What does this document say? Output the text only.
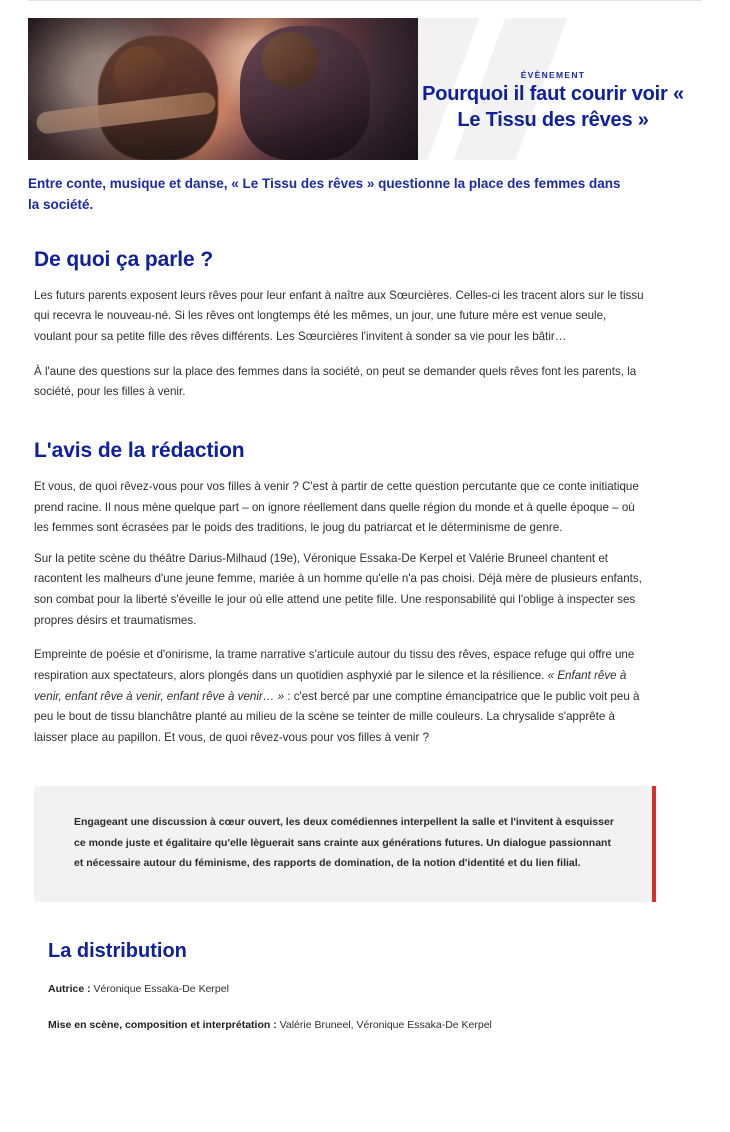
ÉVÈNEMENT
Pourquoi il faut courir voir « Le Tissu des rêves »

Entre conte, musique et danse, « Le Tissu des rêves » questionne la place des femmes dans la société.

De quoi ça parle ?

Les futurs parents exposent leurs rêves pour leur enfant à naître aux Sœurcières. Celles-ci les tracent alors sur le tissu qui recevra le nouveau-né. Si les rêves ont longtemps été les mêmes, un jour, une future mère est venue seule, voulant pour sa petite fille des rêves différents. Les Sœurcières l'invitent à sonder sa vie pour les bâtir…

À l'aune des questions sur la place des femmes dans la société, on peut se demander quels rêves font les parents, la société, pour les filles à venir.

L'avis de la rédaction

Et vous, de quoi rêvez-vous pour vos filles à venir ? C'est à partir de cette question percutante que ce conte initiatique prend racine. Il nous mène quelque part – on ignore réellement dans quelle région du monde et à quelle époque – où les femmes sont écrasées par le poids des traditions, le joug du patriarcat et le déterminisme de genre.

Sur la petite scène du théâtre Darius-Milhaud (19e), Véronique Essaka-De Kerpel et Valérie Bruneel chantent et racontent les malheurs d'une jeune femme, mariée à un homme qu'elle n'a pas choisi. Déjà mère de plusieurs enfants, son combat pour la liberté s'éveille le jour où elle attend une petite fille. Une responsabilité qui l'oblige à inspecter ses propres désirs et traumatismes.

Empreinte de poésie et d'onirisme, la trame narrative s'articule autour du tissu des rêves, espace refuge qui offre une respiration aux spectateurs, alors plongés dans un quotidien asphyxié par le silence et la résilience. « Enfant rêve à venir, enfant rêve à venir, enfant rêve à venir… » : c'est bercé par une comptine émancipatrice que le public voit peu à peu le bout de tissu blanchâtre planté au milieu de la scène se teinter de mille couleurs. La chrysalide s'apprête à laisser place au papillon. Et vous, de quoi rêvez-vous pour vos filles à venir ?

Engageant une discussion à cœur ouvert, les deux comédiennes interpellent la salle et l'invitent à esquisser ce monde juste et égalitaire qu'elle lèguerait sans crainte aux générations futures. Un dialogue passionnant et nécessaire autour du féminisme, des rapports de domination, de la notion d'identité et du lien filial.

La distribution
Autrice : Véronique Essaka-De Kerpel
Mise en scène, composition et interprétation : Valérie Bruneel, Véronique Essaka-De Kerpel
